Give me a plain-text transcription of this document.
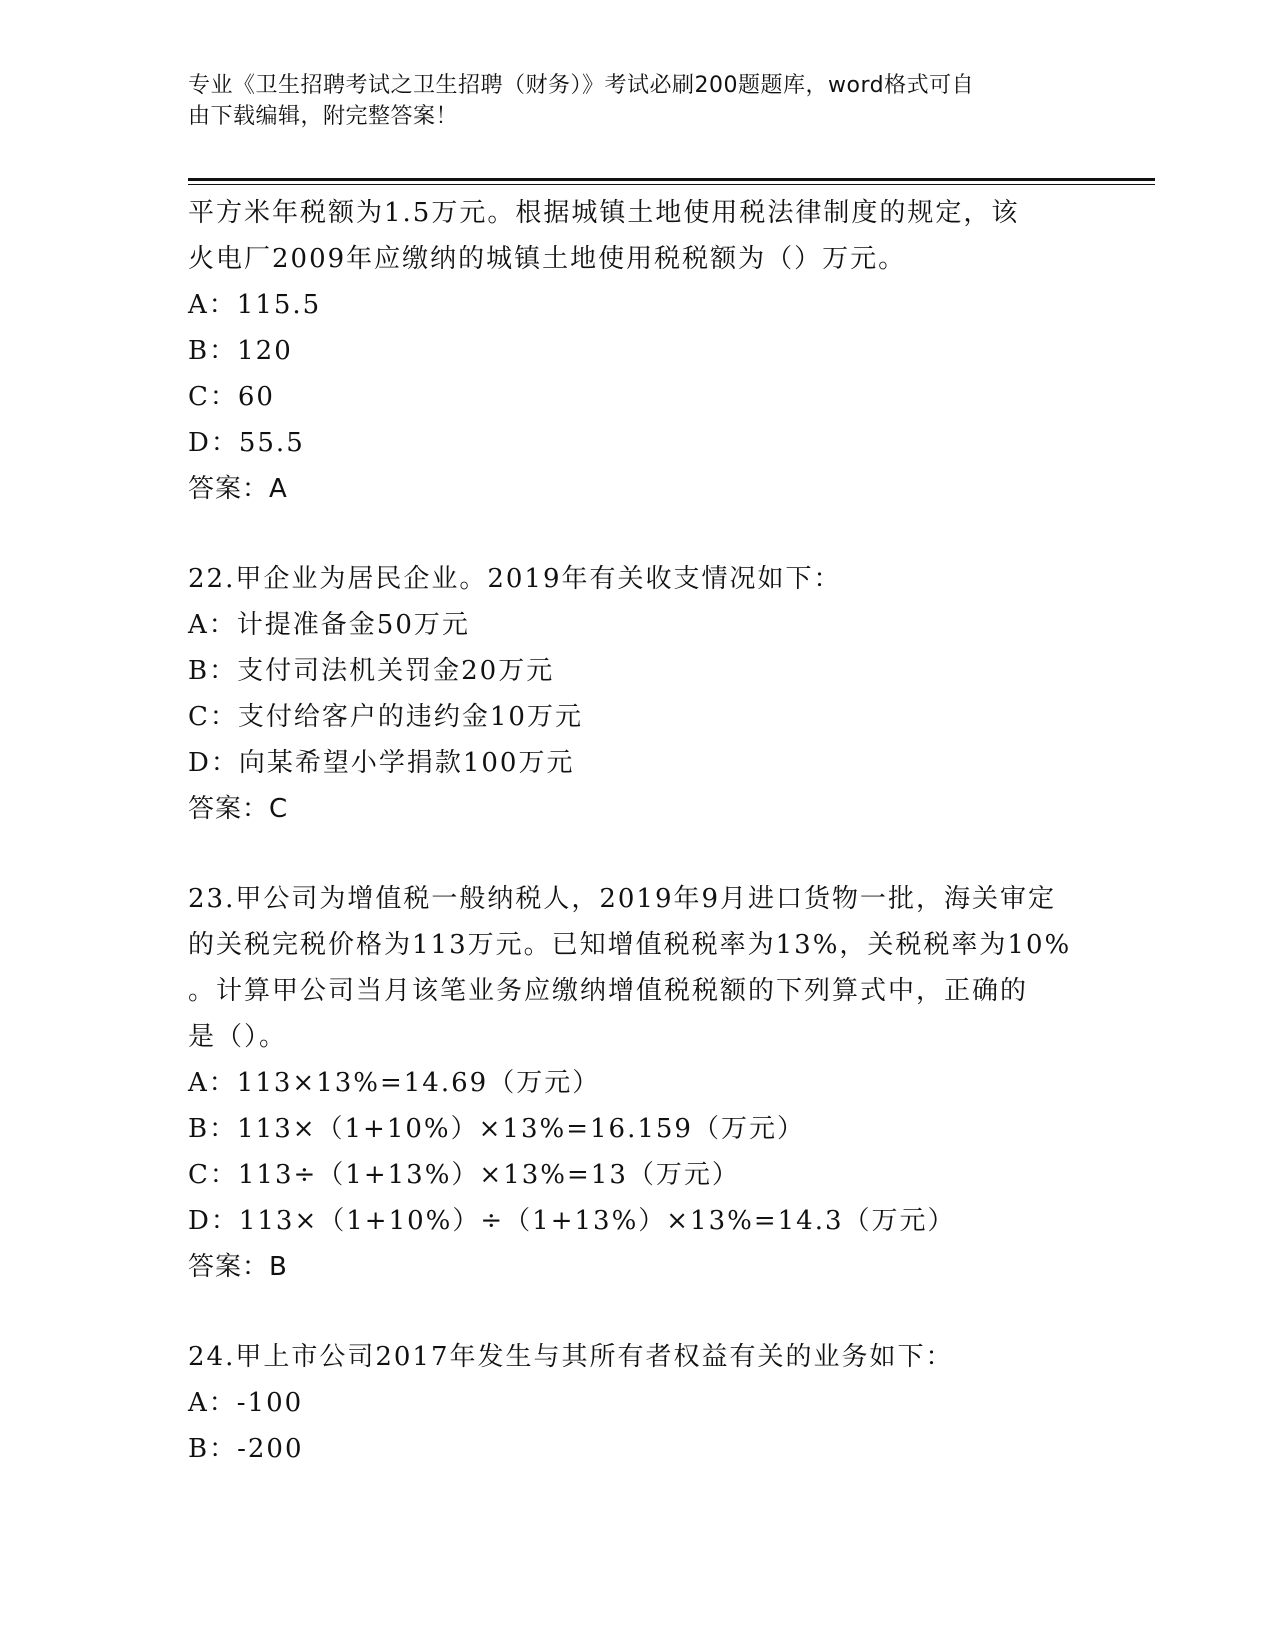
专业《卫生招聘考试之卫生招聘（财务）》考试必刷200题题库，word格式可自
由下载编辑，附完整答案！
平方米年税额为1.5万元。根据城镇土地使用税法律制度的规定，该
火电厂2009年应缴纳的城镇土地使用税税额为（）万元。
A：115.5
B：120
C：60
D：55.5
答案：A
22.甲企业为居民企业。2019年有关收支情况如下：
A：计提准备金50万元
B：支付司法机关罚金20万元
C：支付给客户的违约金10万元
D：向某希望小学捐款100万元
答案：C
23.甲公司为增值税一般纳税人，2019年9月进口货物一批，海关审定
的关税完税价格为113万元。已知增值税税率为13%，关税税率为10%
。计算甲公司当月该笔业务应缴纳增值税税额的下列算式中，正确的
是（）。
A：113×13%=14.69（万元）
B：113×（1+10%）×13%=16.159（万元）
C：113÷（1+13%）×13%=13（万元）
D：113×（1+10%）÷（1+13%）×13%=14.3（万元）
答案：B
24.甲上市公司2017年发生与其所有者权益有关的业务如下：
A：-100
B：-200
